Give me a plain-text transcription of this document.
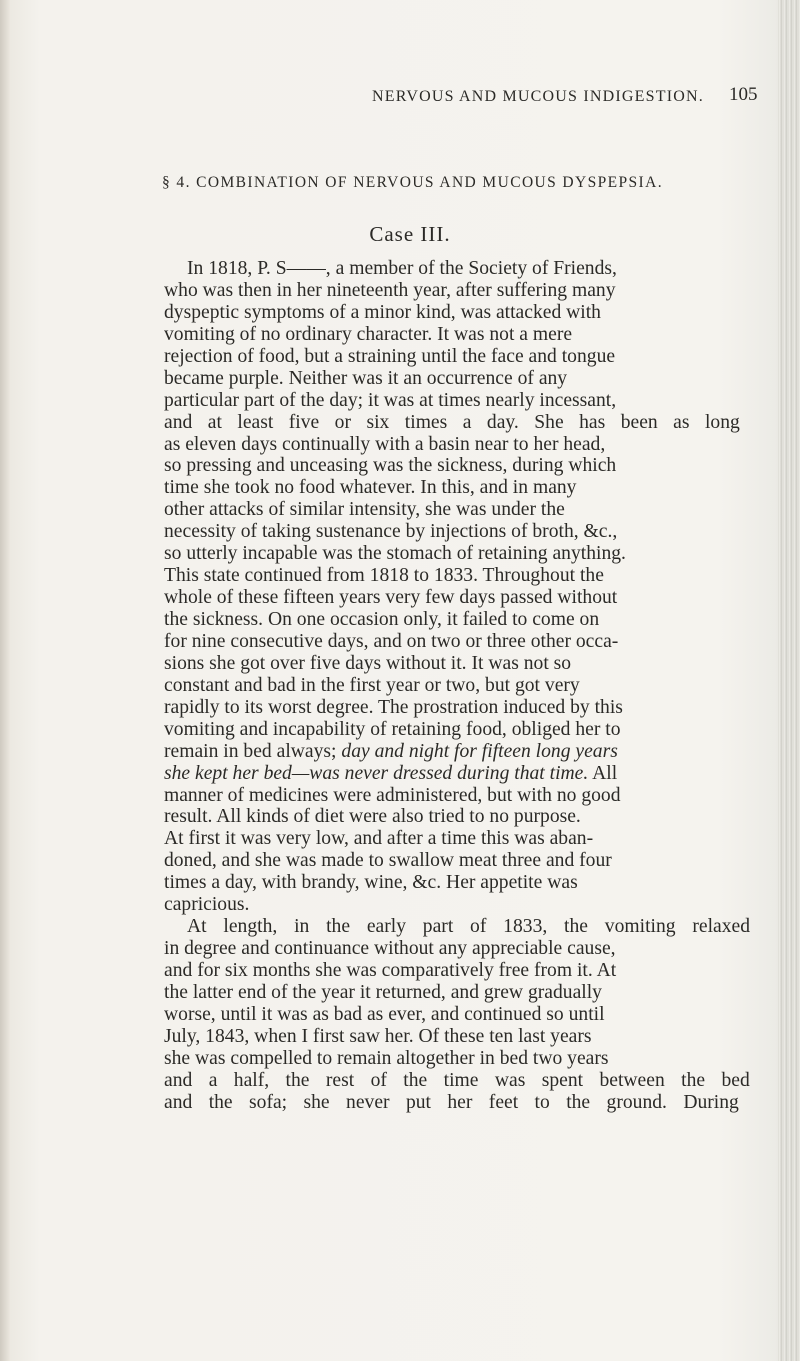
NERVOUS AND MUCOUS INDIGESTION. 105
§ 4. COMBINATION OF NERVOUS AND MUCOUS DYSPEPSIA.
Case III.
In 1818, P. S——, a member of the Society of Friends,
who was then in her nineteenth year, after suffering many
dyspeptic symptoms of a minor kind, was attacked with
vomiting of no ordinary character. It was not a mere
rejection of food, but a straining until the face and tongue
became purple. Neither was it an occurrence of any
particular part of the day; it was at times nearly incessant,
and at least five or six times a day. She has been as long
as eleven days continually with a basin near to her head,
so pressing and unceasing was the sickness, during which
time she took no food whatever. In this, and in many
other attacks of similar intensity, she was under the
necessity of taking sustenance by injections of broth, &c.,
so utterly incapable was the stomach of retaining anything.
This state continued from 1818 to 1833. Throughout the
whole of these fifteen years very few days passed without
the sickness. On one occasion only, it failed to come on
for nine consecutive days, and on two or three other occa-
sions she got over five days without it. It was not so
constant and bad in the first year or two, but got very
rapidly to its worst degree. The prostration induced by this
vomiting and incapability of retaining food, obliged her to
remain in bed always; day and night for fifteen long years
she kept her bed—was never dressed during that time. All
manner of medicines were administered, but with no good
result. All kinds of diet were also tried to no purpose.
At first it was very low, and after a time this was aban-
doned, and she was made to swallow meat three and four
times a day, with brandy, wine, &c. Her appetite was
capricious.
At length, in the early part of 1833, the vomiting relaxed
in degree and continuance without any appreciable cause,
and for six months she was comparatively free from it. At
the latter end of the year it returned, and grew gradually
worse, until it was as bad as ever, and continued so until
July, 1843, when I first saw her. Of these ten last years
she was compelled to remain altogether in bed two years
and a half, the rest of the time was spent between the bed
and the sofa; she never put her feet to the ground. During
